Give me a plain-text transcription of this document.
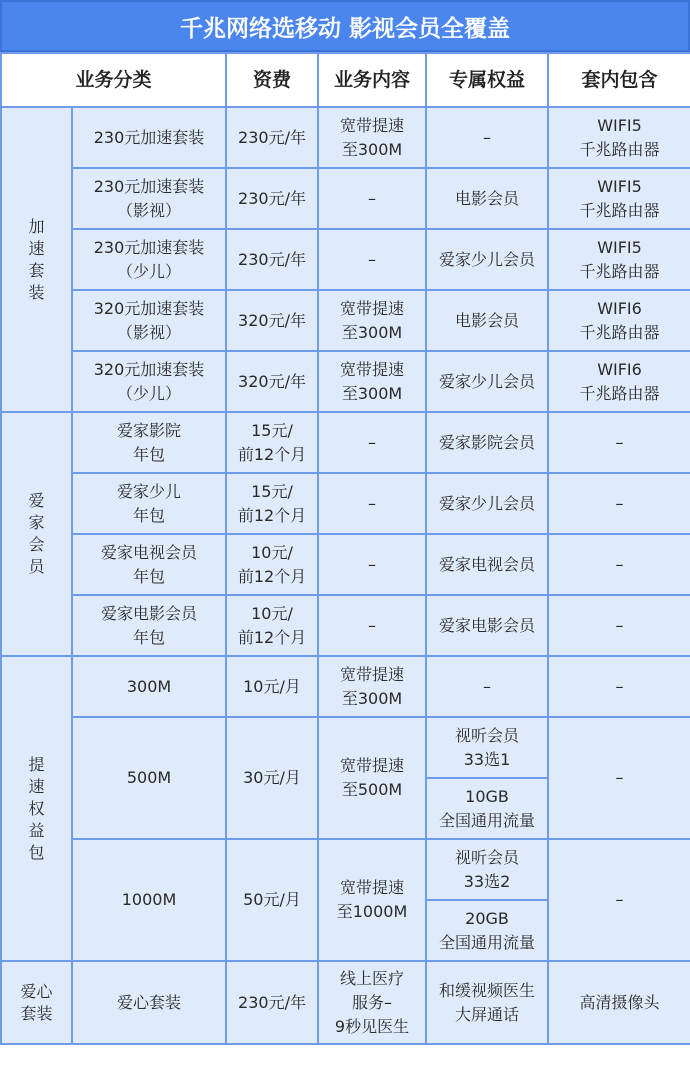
千兆网络选移动 影视会员全覆盖
业务分类		资费	业务内容	专属权益	套内包含
加
速
套
装	230元加速套装	230元/年	宽带提速
至300M	–	WIFI5
千兆路由器
	230元加速套装
（影视）	230元/年	–	电影会员	WIFI5
千兆路由器
	230元加速套装
（少儿）	230元/年	–	爱家少儿会员	WIFI5
千兆路由器
	320元加速套装
（影视）	320元/年	宽带提速
至300M	电影会员	WIFI6
千兆路由器
	320元加速套装
（少儿）	320元/年	宽带提速
至300M	爱家少儿会员	WIFI6
千兆路由器
爱
家
会
员	爱家影院
年包	15元/
前12个月	–	爱家影院会员	–
	爱家少儿
年包	15元/
前12个月	–	爱家少儿会员	–
	爱家电视会员
年包	10元/
前12个月	–	爱家电视会员	–
	爱家电影会员
年包	10元/
前12个月	–	爱家电影会员	–
提
速
权
益
包	300M	10元/月	宽带提速
至300M	–	–
	500M	30元/月	宽带提速
至500M	视听会员
33选1	–
				10GB
全国通用流量	
	1000M	50元/月	宽带提速
至1000M	视听会员
33选2	–
				20GB
全国通用流量	
爱心
套装	爱心套装	230元/年	线上医疗
服务–
9秒见医生	和缓视频医生
大屏通话	高清摄像头
